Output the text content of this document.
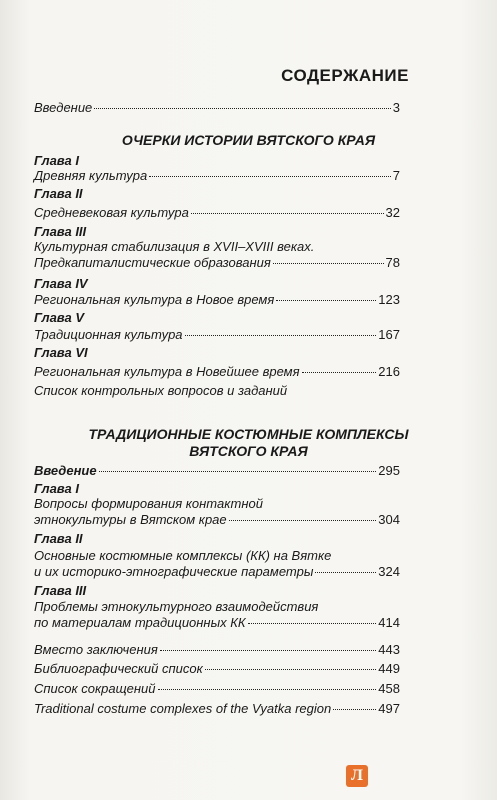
СОДЕРЖАНИЕ
Введение	3
ОЧЕРКИ ИСТОРИИ ВЯТСКОГО КРАЯ
Глава I
Древняя культура	7
Глава II
Средневековая культура	32
Глава III
Культурная стабилизация в XVII–XVIII веках.
Предкапиталистические образования	78
Глава IV
Региональная культура в Новое время	123
Глава V
Традиционная культура	167
Глава VI
Региональная культура в Новейшее время	216
Список контрольных вопросов и заданий
ТРАДИЦИОННЫЕ КОСТЮМНЫЕ КОМПЛЕКСЫ
ВЯТСКОГО КРАЯ
Введение	295
Глава I
Вопросы формирования контактной
этнокультуры в Вятском крае	304
Глава II
Основные костюмные комплексы (КК) на Вятке
и их историко-этнографические параметры	324
Глава III
Проблемы этнокультурного взаимодействия
по материалам традиционных КК	414
Вместо заключения	443
Библиографический список	449
Список сокращений	458
Traditional costume complexes of the Vyatka region	497
Л
